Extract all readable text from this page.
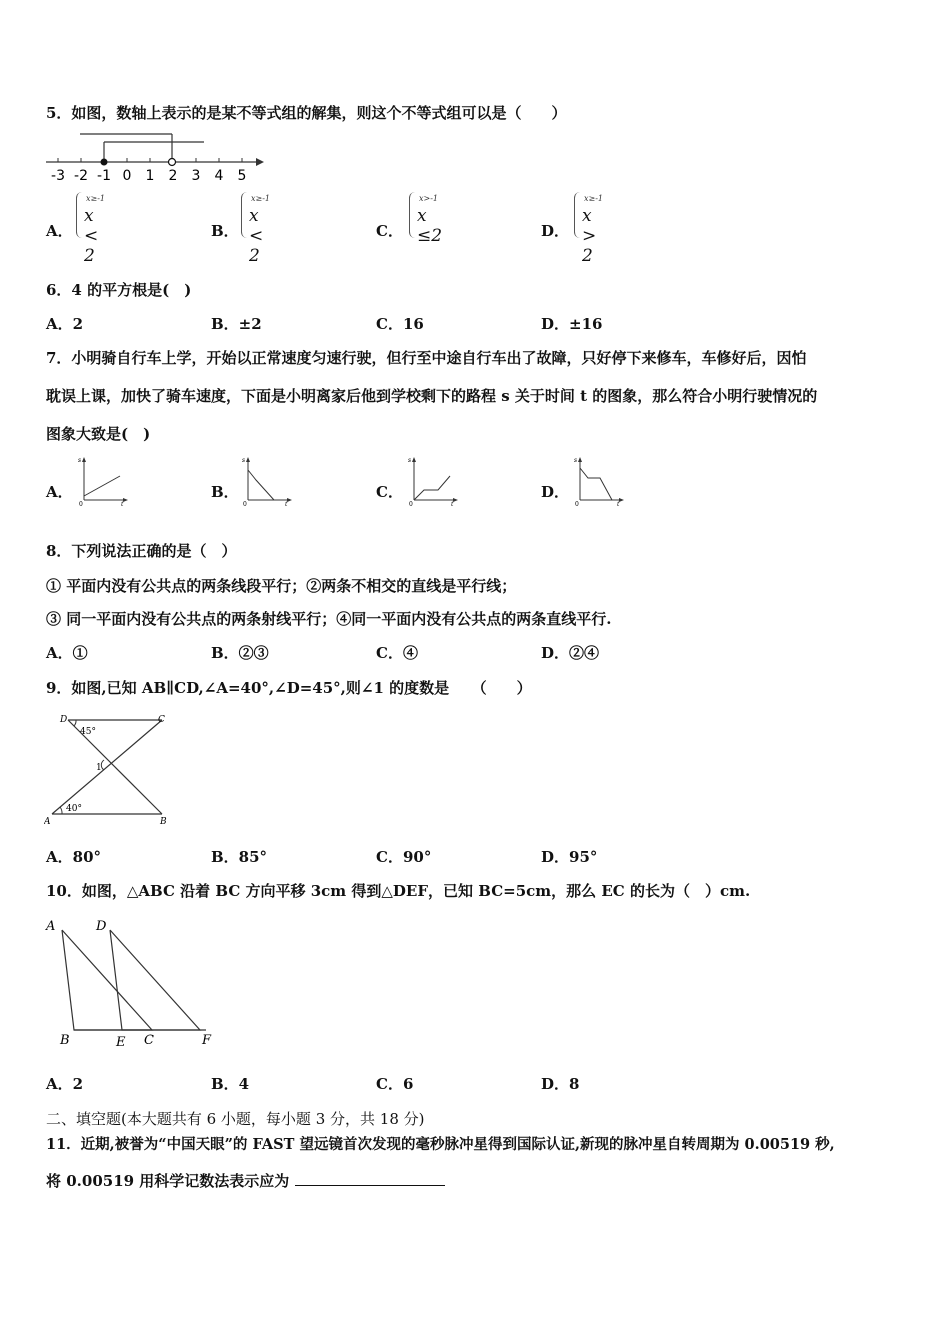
5．如图，数轴上表示的是某不等式组的解集，则这个不等式组可以是（　　）
-3 -2 -1 0 1 2 3 4 5
A．
x≥-1
x < 2
B．
x≥-1
x < 2
C．
x>-1
x ≤2	D．
x≥-1
x > 2
6．4 的平方根是(　)
A．2	B．±2	C．16	D．±16
7．小明骑自行车上学，开始以正常速度匀速行驶，但行至中途自行车出了故障，只好停下来修车，车修好后，因怕
耽误上课，加快了骑车速度，下面是小明离家后他到学校剩下的路程 s 关于时间 t 的图象，那么符合小明行驶情况的
图象大致是(　)
A．
s
t
0
B．
s
t
0
C．
s
t
0
D．
s
t
0
8．下列说法正确的是（　）
① 平面内没有公共点的两条线段平行；②两条不相交的直线是平行线；
③ 同一平面内没有公共点的两条射线平行；④同一平面内没有公共点的两条直线平行.
A．①	B．②③	C．④	D．②④
9．如图,已知 AB∥CD,∠A=40°,∠D=45°,则∠1 的度数是　　（　　）
D	C
A	B
1
45°
40°
A．80°	B．85°	C．90°	D．95°
10．如图，△ABC 沿着 BC 方向平移 3cm 得到△DEF，已知 BC=5cm，那么 EC 的长为（　）cm.
A	D
B	E C	F
A．2	B．4	C．6	D．8
二、填空题(本大题共有 6 小题，每小题 3 分，共 18 分)
11．近期,被誉为“中国天眼”的 FAST 望远镜首次发现的毫秒脉冲星得到国际认证,新现的脉冲星自转周期为 0.00519 秒,
将 0.00519 用科学记数法表示应为
